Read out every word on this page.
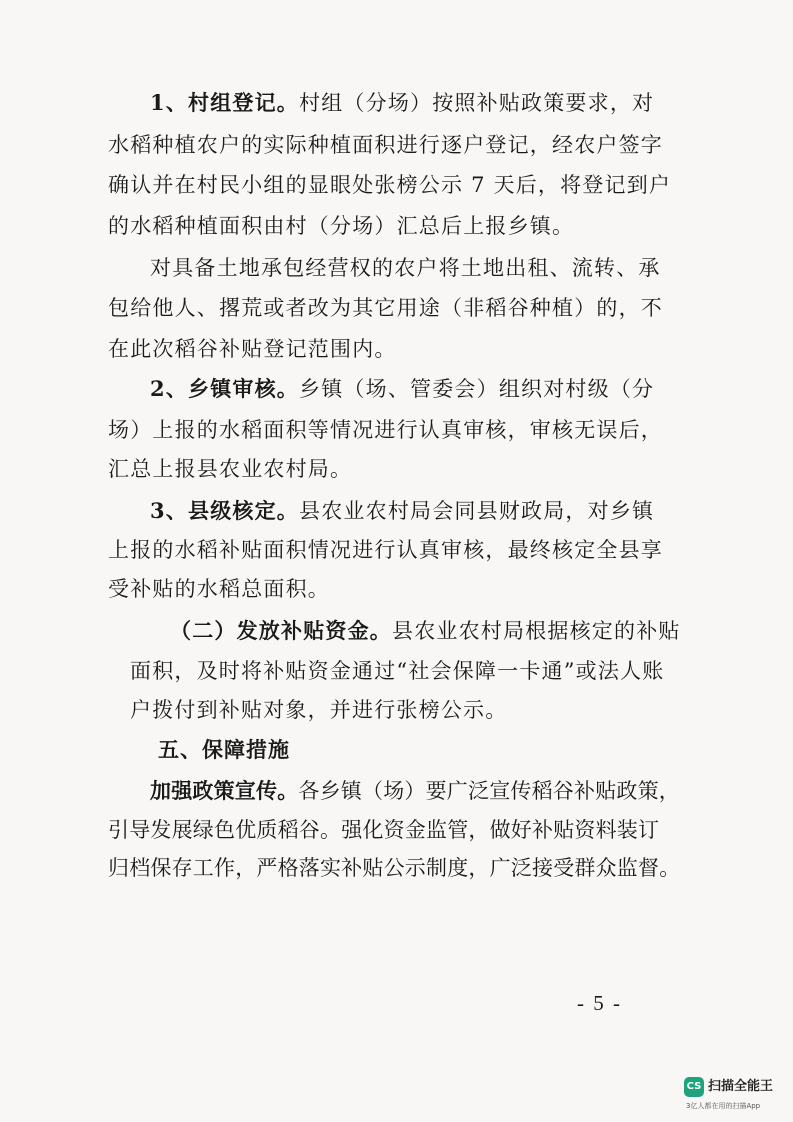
1、村组登记。村组（分场）按照补贴政策要求，对
水稻种植农户的实际种植面积进行逐户登记，经农户签字
确认并在村民小组的显眼处张榜公示 7 天后，将登记到户
的水稻种植面积由村（分场）汇总后上报乡镇。
对具备土地承包经营权的农户将土地出租、流转、承
包给他人、撂荒或者改为其它用途（非稻谷种植）的，不
在此次稻谷补贴登记范围内。
2、乡镇审核。乡镇（场、管委会）组织对村级（分
场）上报的水稻面积等情况进行认真审核，审核无误后，
汇总上报县农业农村局。
3、县级核定。县农业农村局会同县财政局，对乡镇
上报的水稻补贴面积情况进行认真审核，最终核定全县享
受补贴的水稻总面积。
（二）发放补贴资金。县农业农村局根据核定的补贴
面积，及时将补贴资金通过“社会保障一卡通”或法人账
户拨付到补贴对象，并进行张榜公示。
五、保障措施
加强政策宣传。各乡镇（场）要广泛宣传稻谷补贴政策，
引导发展绿色优质稻谷。强化资金监管，做好补贴资料装订
归档保存工作，严格落实补贴公示制度，广泛接受群众监督。
- 5 -
CS 扫描全能王
3亿人都在用的扫描App
